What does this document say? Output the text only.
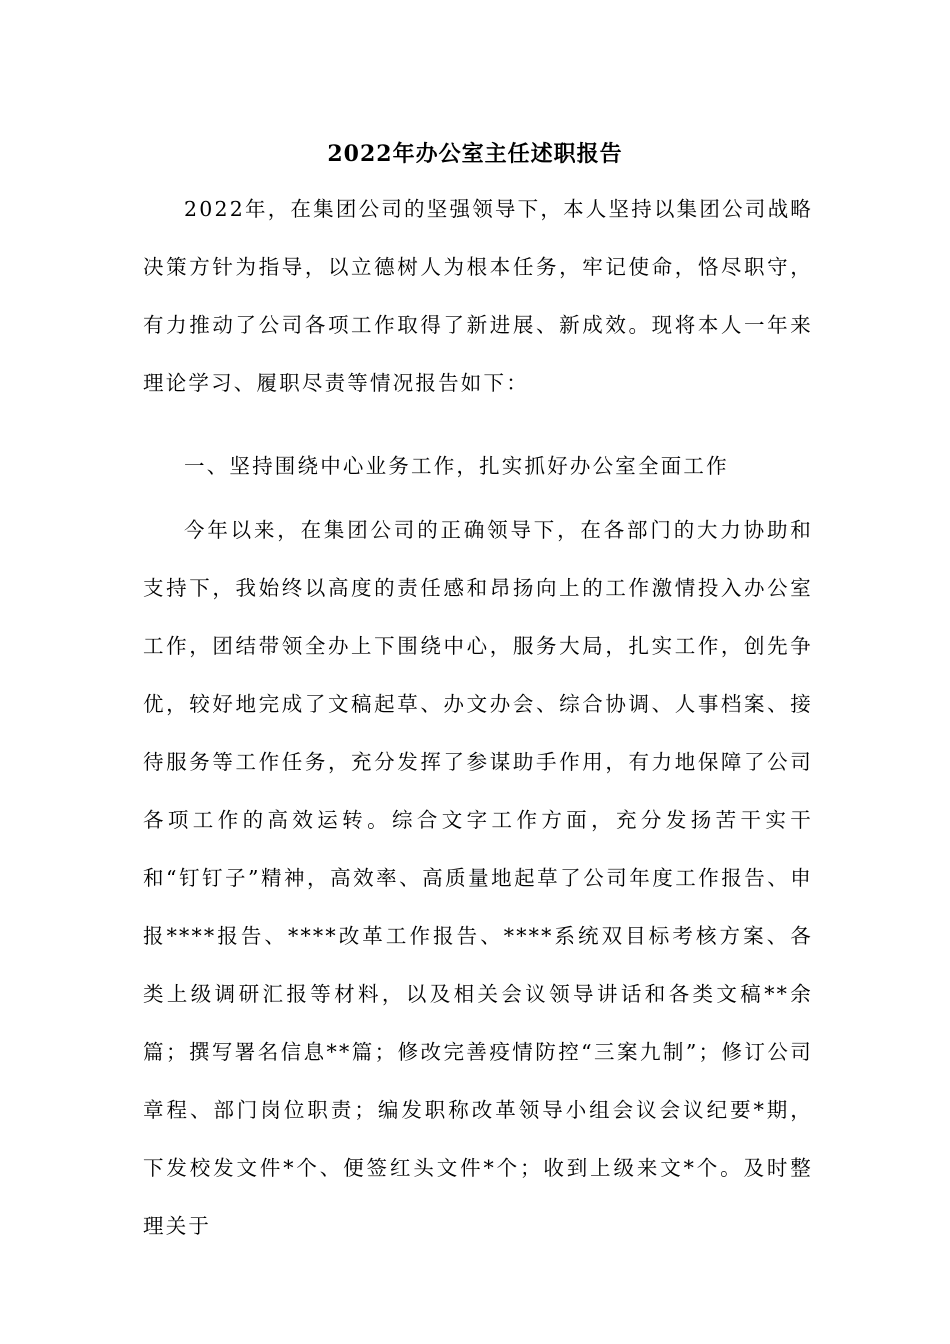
2022年办公室主任述职报告

2022年，在集团公司的坚强领导下，本人坚持以集团公司战略决策方针为指导，以立德树人为根本任务，牢记使命，恪尽职守，有力推动了公司各项工作取得了新进展、新成效。现将本人一年来理论学习、履职尽责等情况报告如下：

一、坚持围绕中心业务工作，扎实抓好办公室全面工作

今年以来，在集团公司的正确领导下，在各部门的大力协助和支持下，我始终以高度的责任感和昂扬向上的工作激情投入办公室工作，团结带领全办上下围绕中心，服务大局，扎实工作，创先争优，较好地完成了文稿起草、办文办会、综合协调、人事档案、接待服务等工作任务，充分发挥了参谋助手作用，有力地保障了公司各项工作的高效运转。综合文字工作方面，充分发扬苦干实干和“钉钉子”精神，高效率、高质量地起草了公司年度工作报告、申报****报告、****改革工作报告、****系统双目标考核方案、各类上级调研汇报等材料，以及相关会议领导讲话和各类文稿**余篇；撰写署名信息**篇；修改完善疫情防控“三案九制”；修订公司章程、部门岗位职责；编发职称改革领导小组会议会议纪要*期，下发校发文件*个、便签红头文件*个；收到上级来文*个。及时整理关于
